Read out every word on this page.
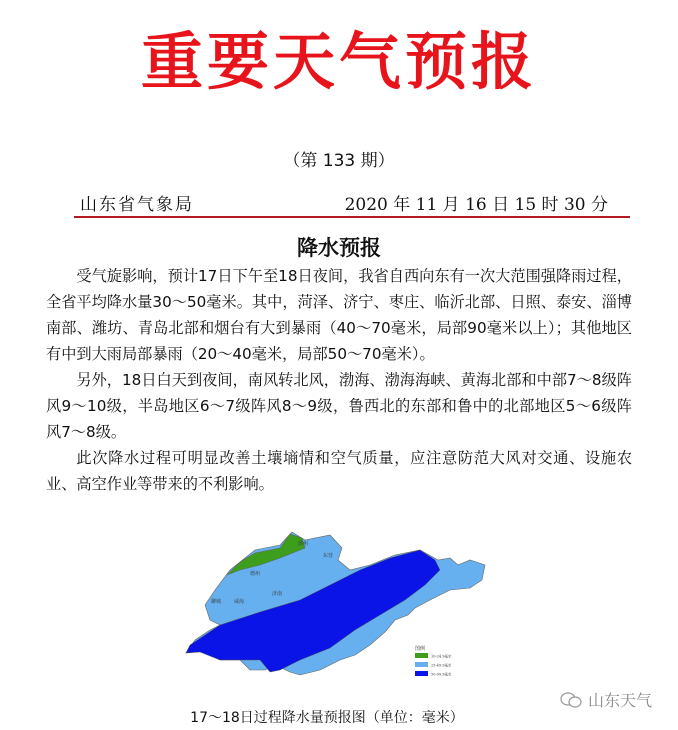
重要天气预报
（第 133 期）
山东省气象局	2020 年 11 月 16 日 15 时 30 分
降水预报

受气旋影响，预计17日下午至18日夜间，我省自西向东有一次大范围强降雨过程，全省平均降水量30～50毫米。其中，菏泽、济宁、枣庄、临沂北部、日照、泰安、淄博南部、潍坊、青岛北部和烟台有大到暴雨（40～70毫米，局部90毫米以上）；其他地区有中到大雨局部暴雨（20～40毫米，局部50～70毫米）。

另外，18日白天到夜间，南风转北风，渤海、渤海海峡、黄海北部和中部7～8级阵风9～10级，半岛地区6～7级阵风8～9级，鲁西北的东部和鲁中的北部地区5～6级阵风7～8级。

此次降水过程可明显改善土壤墒情和空气质量，应注意防范大风对交通、设施农业、高空作业等带来的不利影响。

威海
滨州
东营
德州
济南
聊城
图例
10-24.9毫米
25-49.9毫米
50-99.9毫米
17～18日过程降水量预报图（单位：毫米）
山东天气
